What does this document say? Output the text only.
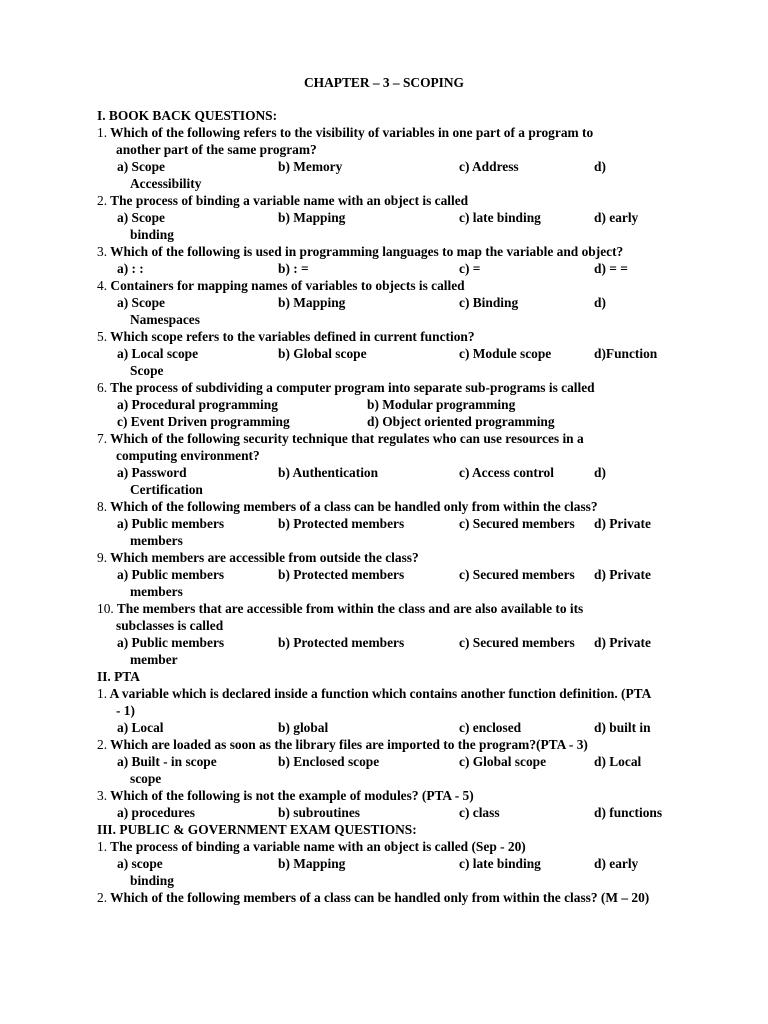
CHAPTER – 3 – SCOPING
I. BOOK BACK QUESTIONS:
1. Which of the following refers to the visibility of variables in one part of a program to
another part of the same program?
a) Scope	b) Memory	c) Address	d)
Accessibility
2. The process of binding a variable name with an object is called
a) Scope	b) Mapping	c) late binding	d) early
binding
3. Which of the following is used in programming languages to map the variable and object?
a) : :	b) : =	c) =	d) = =
4. Containers for mapping names of variables to objects is called
a) Scope	b) Mapping	c) Binding	d)
Namespaces
5. Which scope refers to the variables defined in current function?
a) Local scope	b) Global scope	c) Module scope	d)Function
Scope
6. The process of subdividing a computer program into separate sub-programs is called
a) Procedural programming	b) Modular programming
c) Event Driven programming	d) Object oriented programming
7. Which of the following security technique that regulates who can use resources in a
computing environment?
a) Password	b) Authentication	c) Access control	d)
Certification
8. Which of the following members of a class can be handled only from within the class?
a) Public members	b) Protected members	c) Secured members d) Private
members
9. Which members are accessible from outside the class?
a) Public members	b) Protected members	c) Secured members d) Private
members
10. The members that are accessible from within the class and are also available to its
subclasses is called
a) Public members	b) Protected members	c) Secured members d) Private
member
II. PTA
1. A variable which is declared inside a function which contains another function definition. (PTA
- 1)
a) Local	b) global	c) enclosed	d) built in
2. Which are loaded as soon as the library files are imported to the program?(PTA - 3)
a) Built - in scope	b) Enclosed scope	c) Global scope	d) Local
scope
3. Which of the following is not the example of modules? (PTA - 5)
a) procedures	b) subroutines	c) class	d) functions
III. PUBLIC & GOVERNMENT EXAM QUESTIONS:
1. The process of binding a variable name with an object is called (Sep - 20)
a) scope	b) Mapping	c) late binding	d) early
binding
2. Which of the following members of a class can be handled only from within the class? (M – 20)
